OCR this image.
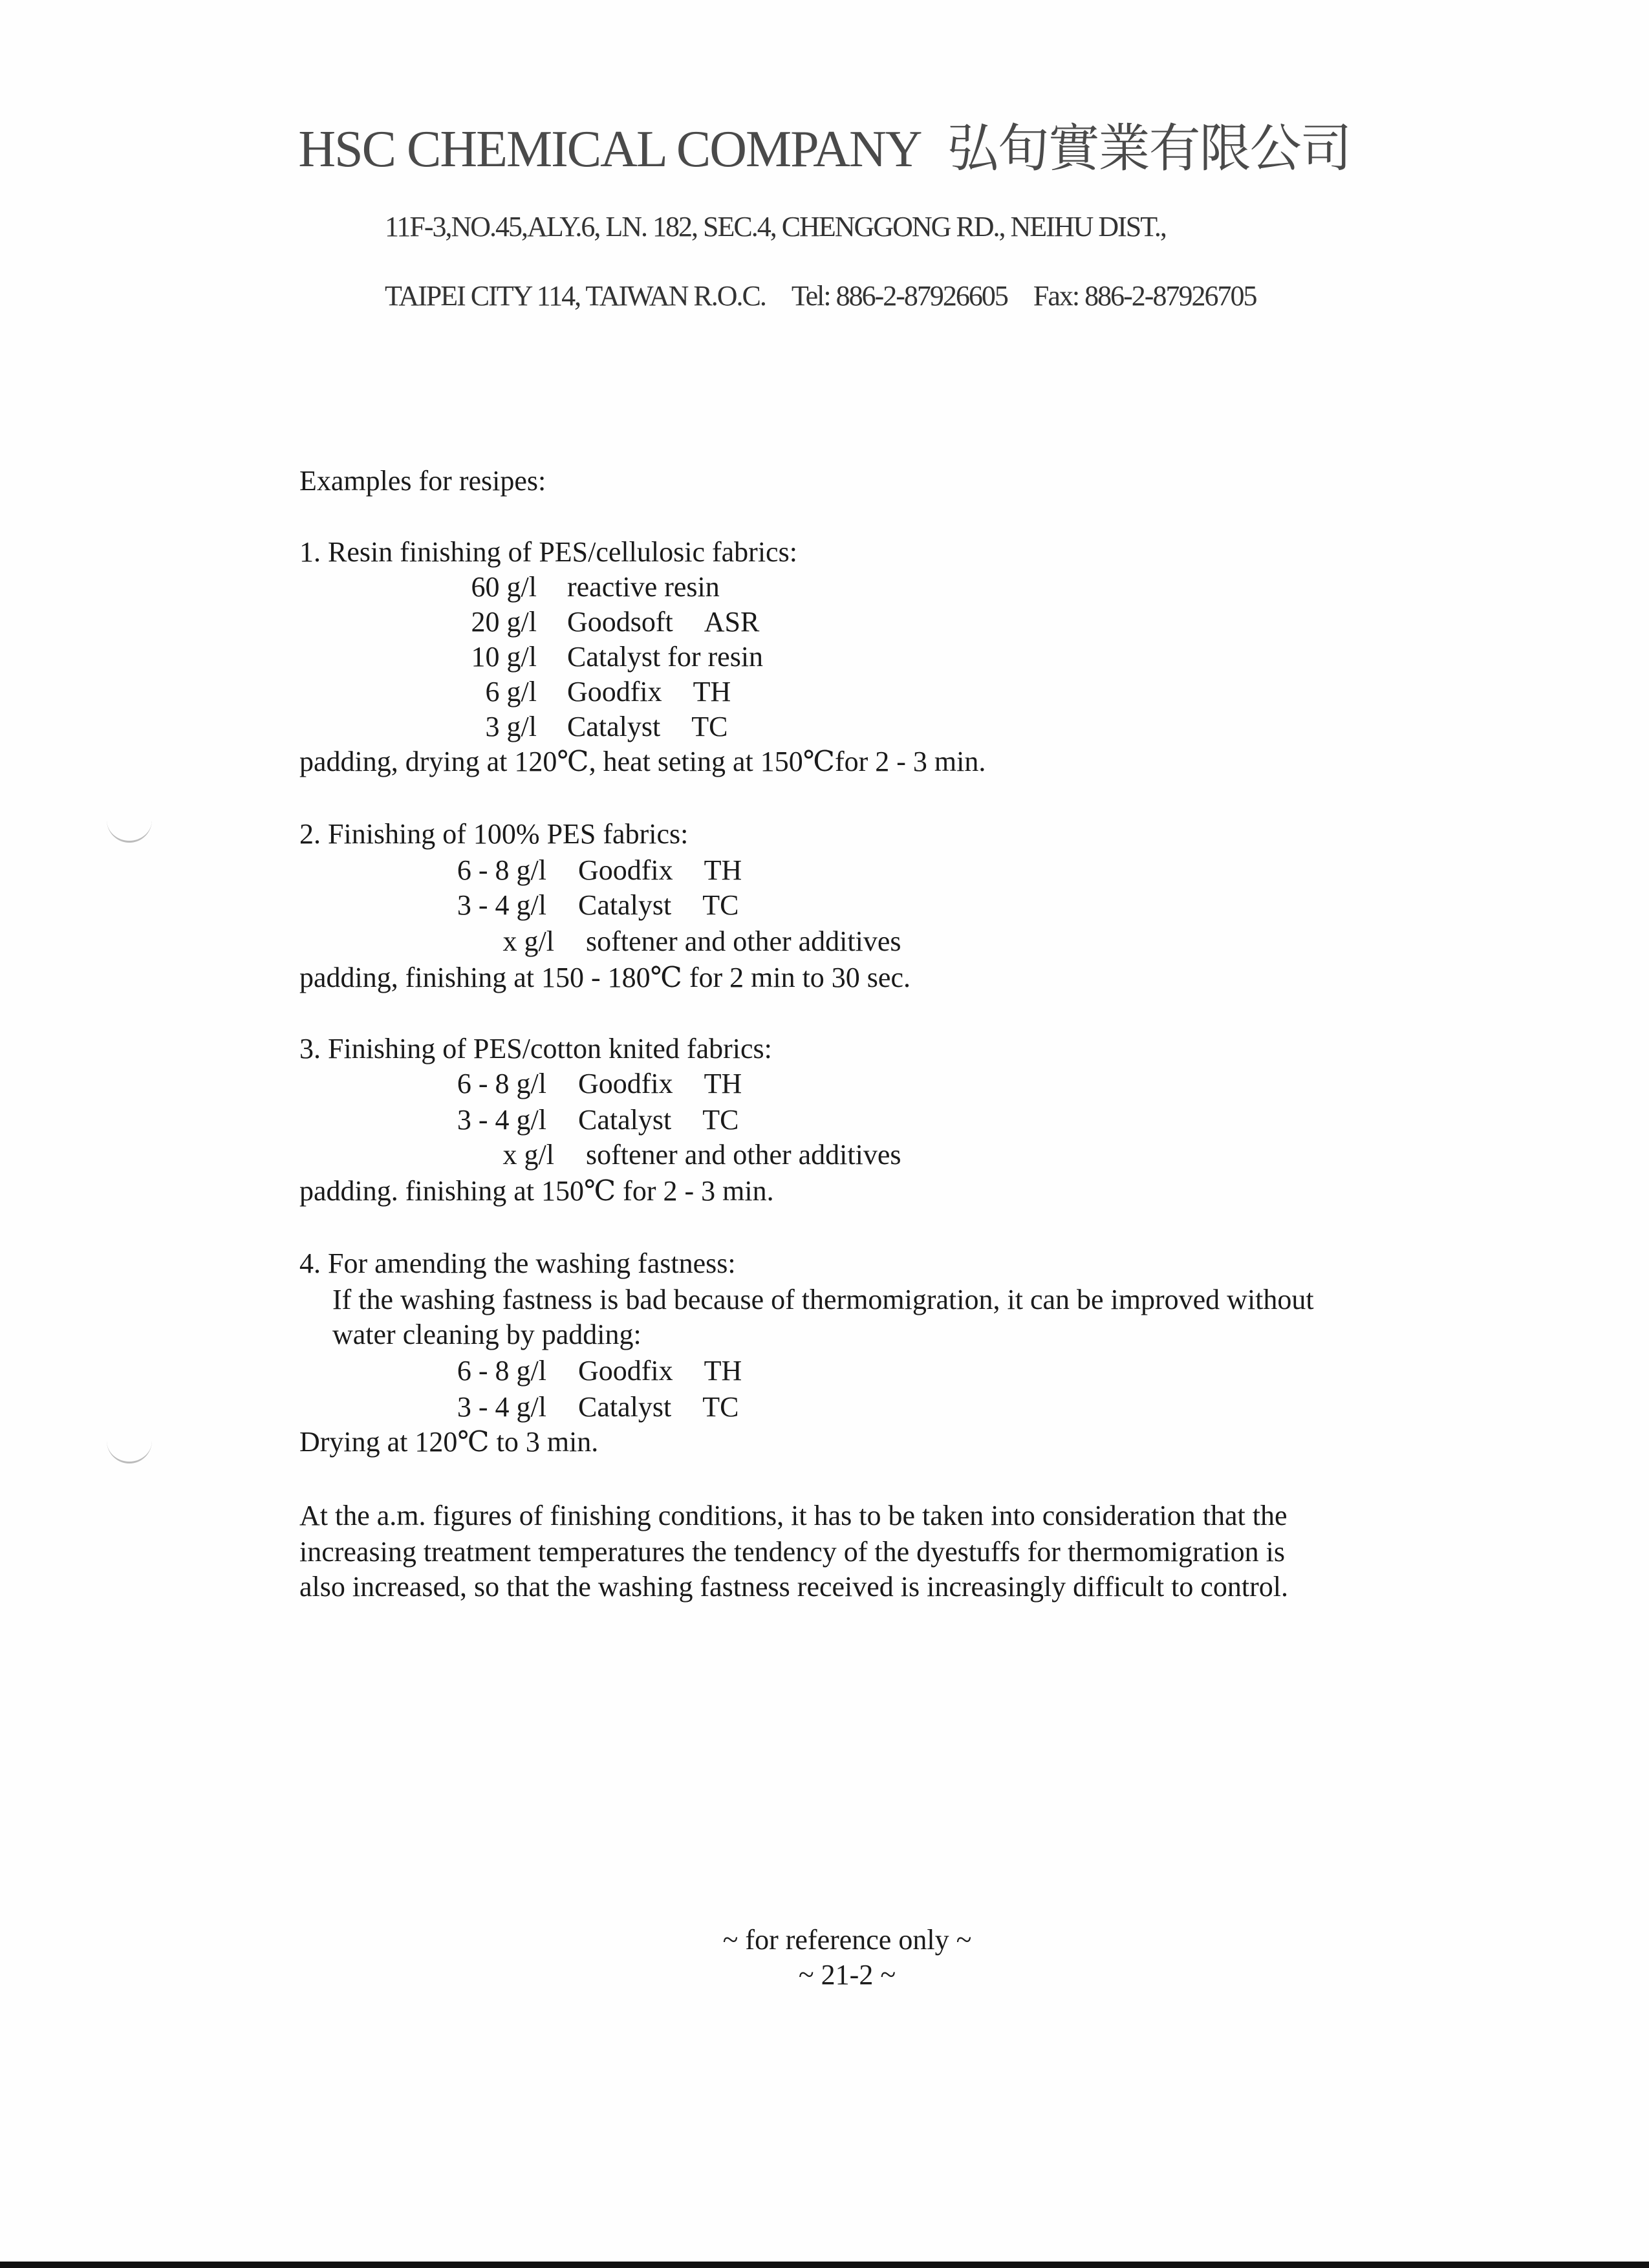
HSC CHEMICAL COMPANY 弘旬實業有限公司
11F-3,NO.45,ALY.6, LN. 182, SEC.4, CHENGGONG RD., NEIHU DIST.,
TAIPEI CITY 114, TAIWAN R.O.C. Tel: 886-2-87926605 Fax: 886-2-87926705
Examples for resipes:
1. Resin finishing of PES/cellulosic fabrics:
60 g/l reactive resin
20 g/l Goodsoft ASR
10 g/l Catalyst for resin
6 g/l Goodfix TH
3 g/l Catalyst TC
padding, drying at 120℃, heat seting at 150℃for 2 - 3 min.
2. Finishing of 100% PES fabrics:
6 - 8 g/l Goodfix TH
3 - 4 g/l Catalyst TC
x g/l softener and other additives
padding, finishing at 150 - 180℃ for 2 min to 30 sec.
3. Finishing of PES/cotton knited fabrics:
6 - 8 g/l Goodfix TH
3 - 4 g/l Catalyst TC
x g/l softener and other additives
padding. finishing at 150℃ for 2 - 3 min.
4. For amending the washing fastness:
If the washing fastness is bad because of thermomigration, it can be improved without
water cleaning by padding:
6 - 8 g/l Goodfix TH
3 - 4 g/l Catalyst TC
Drying at 120℃ to 3 min.
At the a.m. figures of finishing conditions, it has to be taken into consideration that the
increasing treatment temperatures the tendency of the dyestuffs for thermomigration is
also increased, so that the washing fastness received is increasingly difficult to control.
~ for reference only ~
~ 21-2 ~
